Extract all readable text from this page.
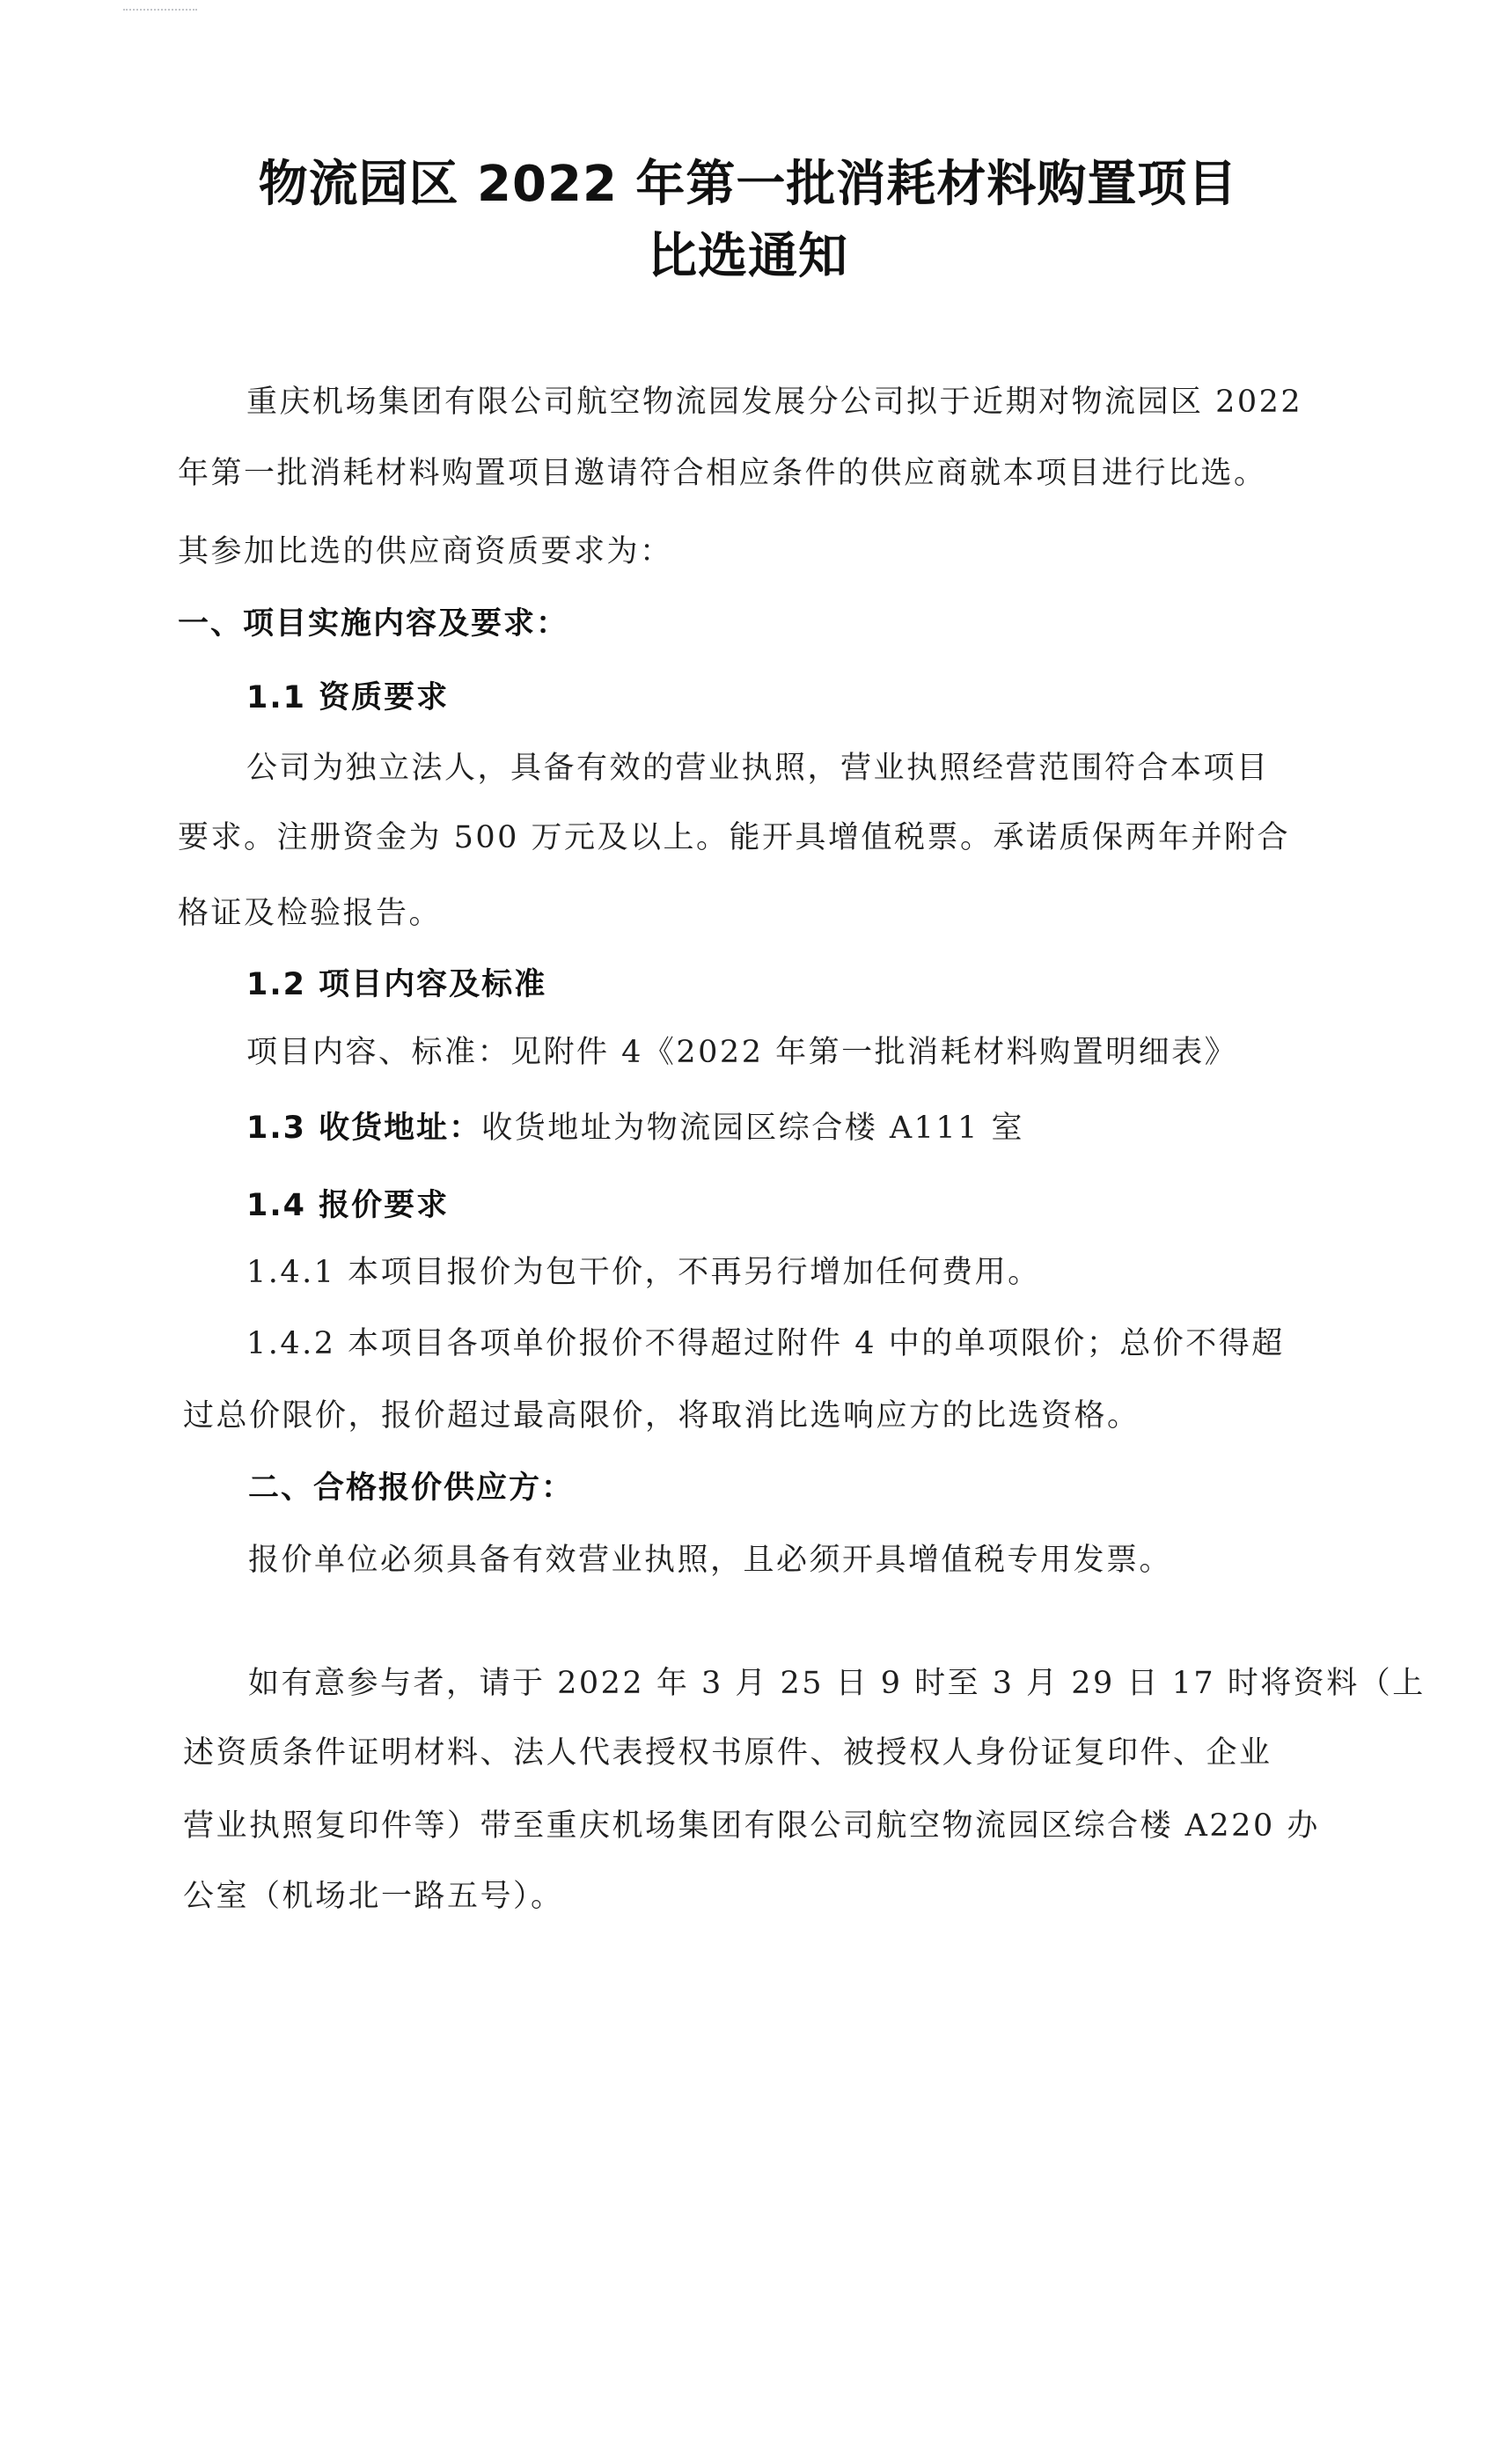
物流园区 2022 年第一批消耗材料购置项目
比选通知
重庆机场集团有限公司航空物流园发展分公司拟于近期对物流园区 2022
年第一批消耗材料购置项目邀请符合相应条件的供应商就本项目进行比选。
其参加比选的供应商资质要求为：
一、项目实施内容及要求：
1.1 资质要求
公司为独立法人，具备有效的营业执照，营业执照经营范围符合本项目
要求。注册资金为 500 万元及以上。能开具增值税票。承诺质保两年并附合
格证及检验报告。
1.2 项目内容及标准
项目内容、标准：见附件 4《2022 年第一批消耗材料购置明细表》
1.3 收货地址：收货地址为物流园区综合楼 A111 室
1.4 报价要求
1.4.1 本项目报价为包干价，不再另行增加任何费用。
1.4.2 本项目各项单价报价不得超过附件 4 中的单项限价；总价不得超
过总价限价，报价超过最高限价，将取消比选响应方的比选资格。
二、合格报价供应方：
报价单位必须具备有效营业执照，且必须开具增值税专用发票。
如有意参与者，请于 2022 年 3 月 25 日 9 时至 3 月 29 日 17 时将资料（上
述资质条件证明材料、法人代表授权书原件、被授权人身份证复印件、企业
营业执照复印件等）带至重庆机场集团有限公司航空物流园区综合楼 A220 办
公室（机场北一路五号）。
